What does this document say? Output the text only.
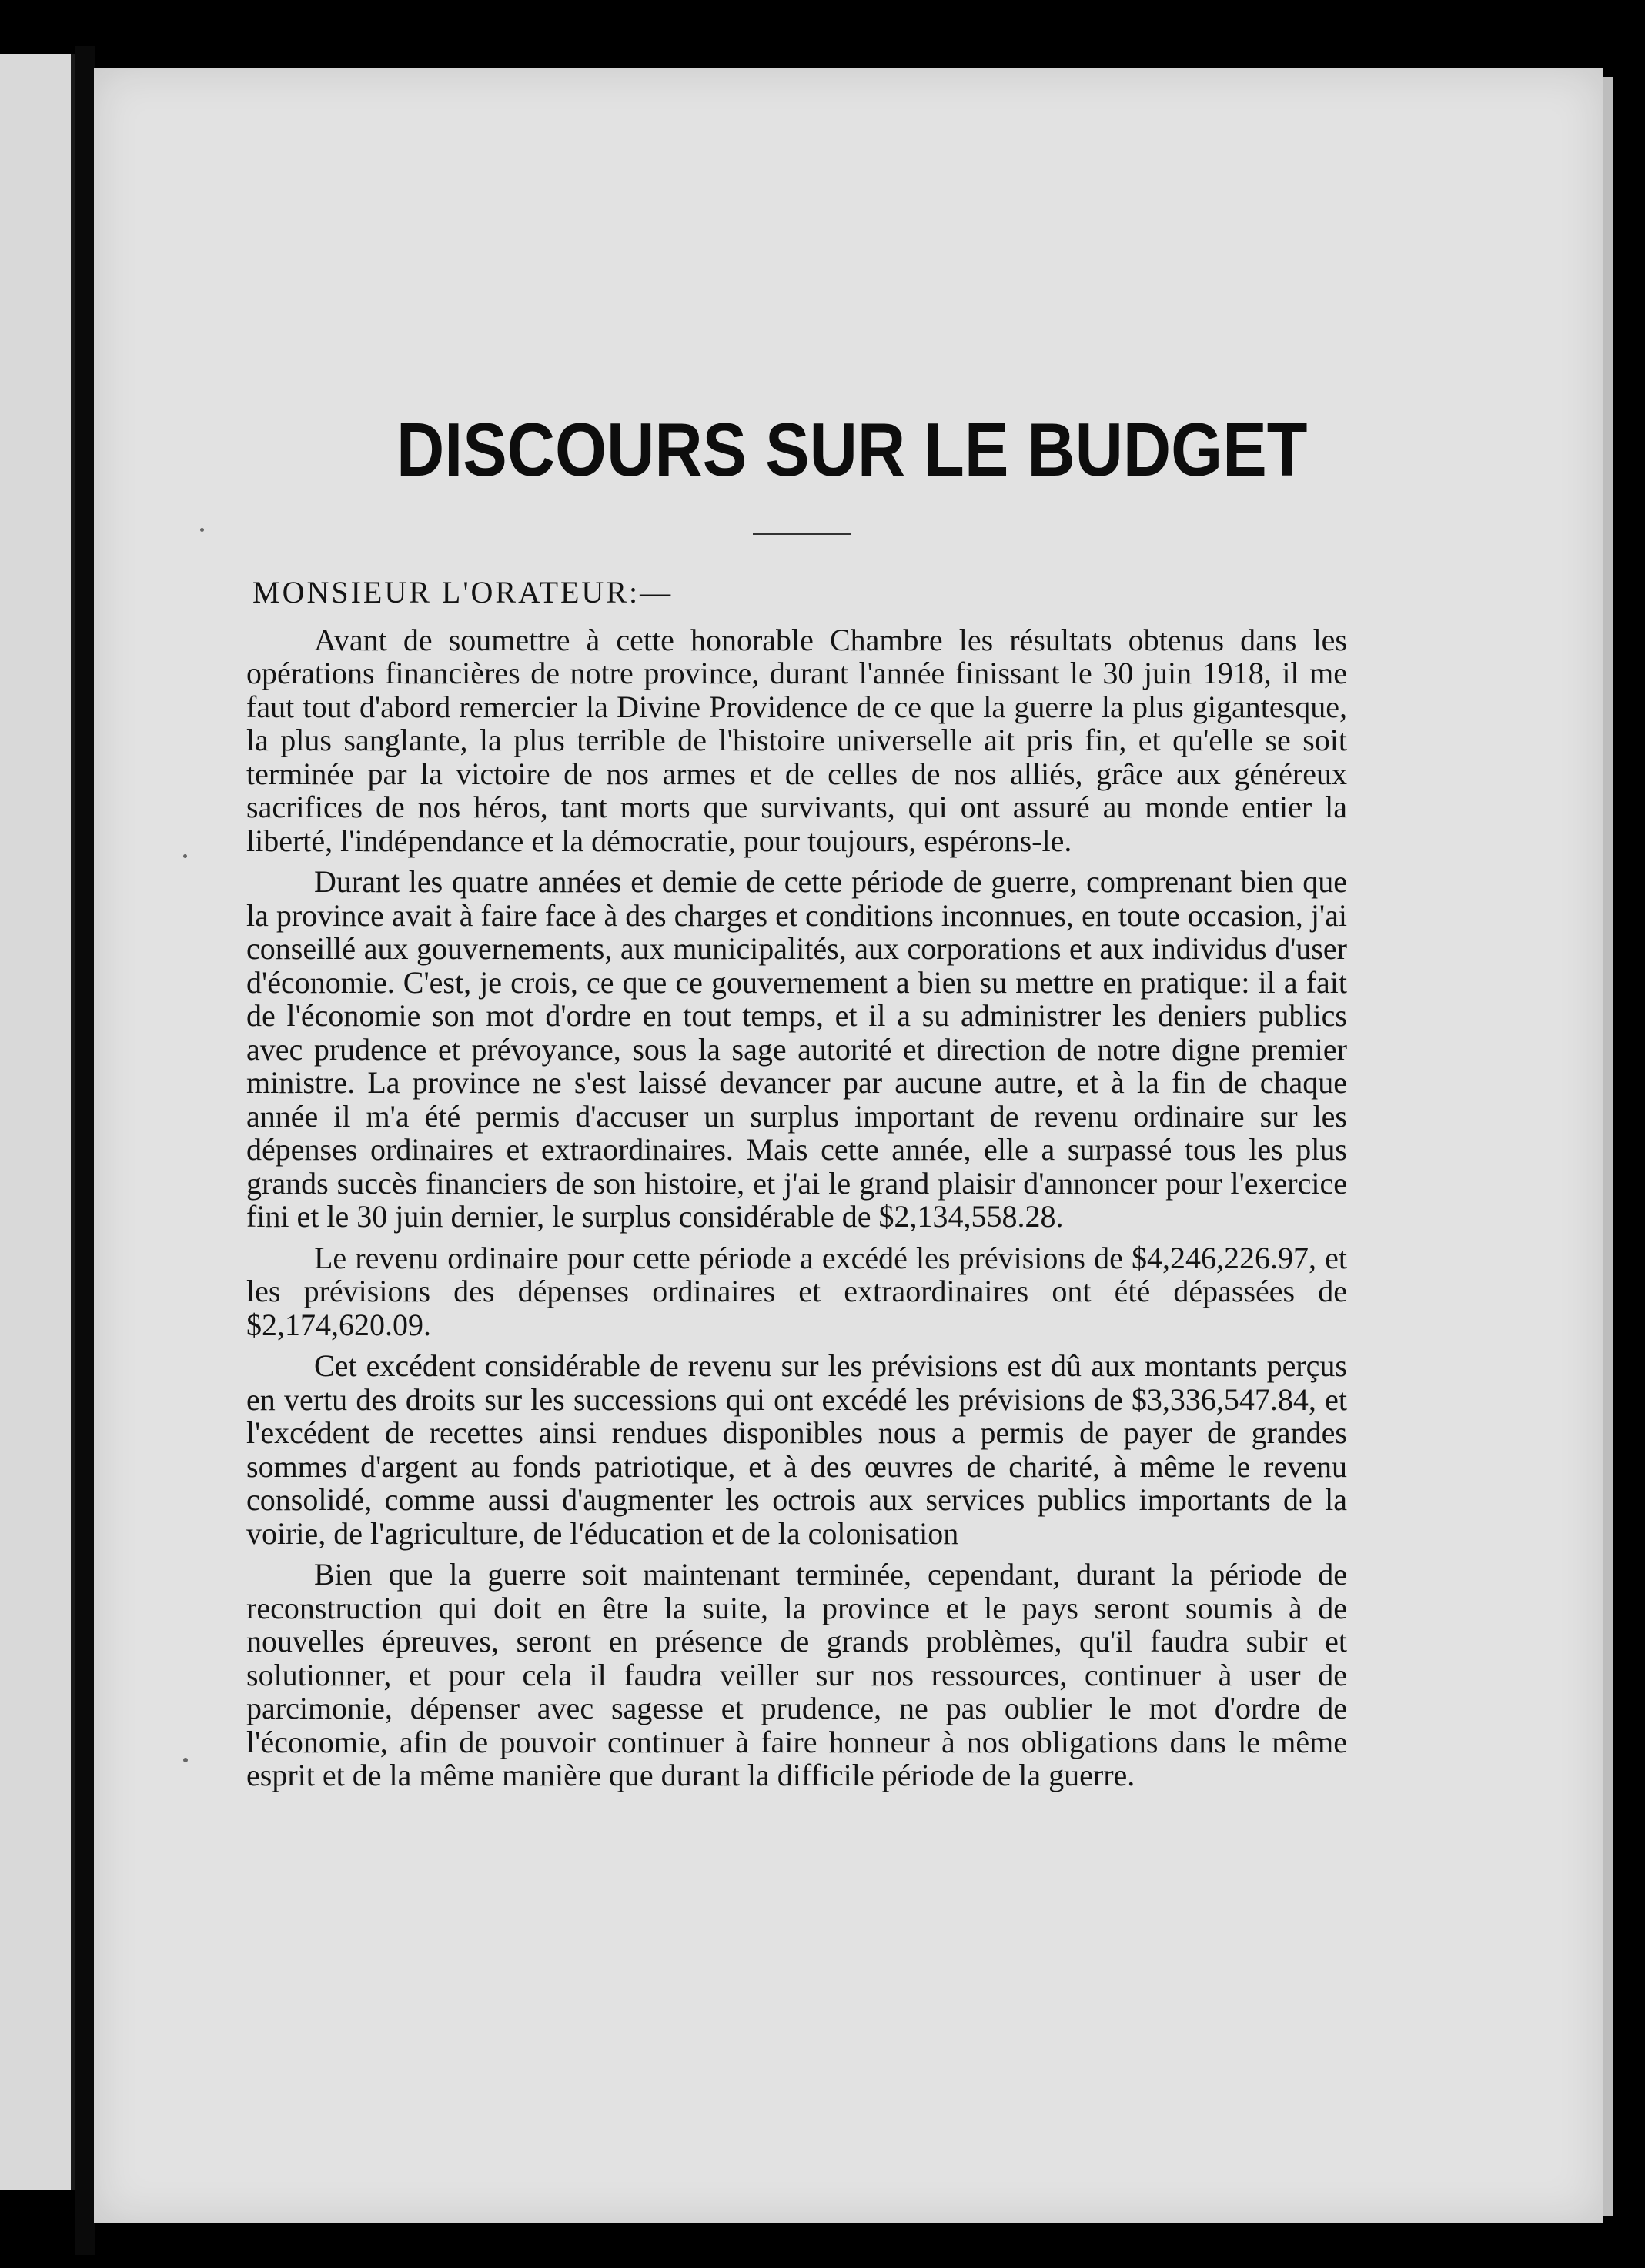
DISCOURS SUR LE BUDGET

MONSIEUR L'ORATEUR:—

Avant de soumettre à cette honorable Chambre les résultats obtenus dans les opérations financières de notre province, durant l'année finissant le 30 juin 1918, il me faut tout d'abord remercier la Divine Providence de ce que la guerre la plus gigantesque, la plus sanglante, la plus terrible de l'histoire universelle ait pris fin, et qu'elle se soit terminée par la victoire de nos armes et de celles de nos alliés, grâce aux généreux sacrifices de nos héros, tant morts que survivants, qui ont assuré au monde entier la liberté, l'indépendance et la démocratie, pour toujours, espérons-le.

Durant les quatre années et demie de cette période de guerre, comprenant bien que la province avait à faire face à des charges et conditions inconnues, en toute occasion, j'ai conseillé aux gouvernements, aux municipalités, aux corporations et aux individus d'user d'économie. C'est, je crois, ce que ce gouvernement a bien su mettre en pratique: il a fait de l'économie son mot d'ordre en tout temps, et il a su administrer les deniers publics avec prudence et prévoyance, sous la sage autorité et direction de notre digne premier ministre. La province ne s'est laissé devancer par aucune autre, et à la fin de chaque année il m'a été permis d'accuser un surplus important de revenu ordinaire sur les dépenses ordinaires et extraordinaires. Mais cette année, elle a surpassé tous les plus grands succès financiers de son histoire, et j'ai le grand plaisir d'annoncer pour l'exercice fini et le 30 juin dernier, le surplus considérable de $2,134,558.28.

Le revenu ordinaire pour cette période a excédé les prévisions de $4,246,226.97, et les prévisions des dépenses ordinaires et extraordinaires ont été dépassées de $2,174,620.09.

Cet excédent considérable de revenu sur les prévisions est dû aux montants perçus en vertu des droits sur les successions qui ont excédé les prévisions de $3,336,547.84, et l'excédent de recettes ainsi rendues disponibles nous a permis de payer de grandes sommes d'argent au fonds patriotique, et à des œuvres de charité, à même le revenu consolidé, comme aussi d'augmenter les octrois aux services publics importants de la voirie, de l'agriculture, de l'éducation et de la colonisation

Bien que la guerre soit maintenant terminée, cependant, durant la période de reconstruction qui doit en être la suite, la province et le pays seront soumis à de nouvelles épreuves, seront en présence de grands problèmes, qu'il faudra subir et solutionner, et pour cela il faudra veiller sur nos ressources, continuer à user de parcimonie, dépenser avec sagesse et prudence, ne pas oublier le mot d'ordre de l'économie, afin de pouvoir continuer à faire honneur à nos obligations dans le même esprit et de la même manière que durant la difficile période de la guerre.
